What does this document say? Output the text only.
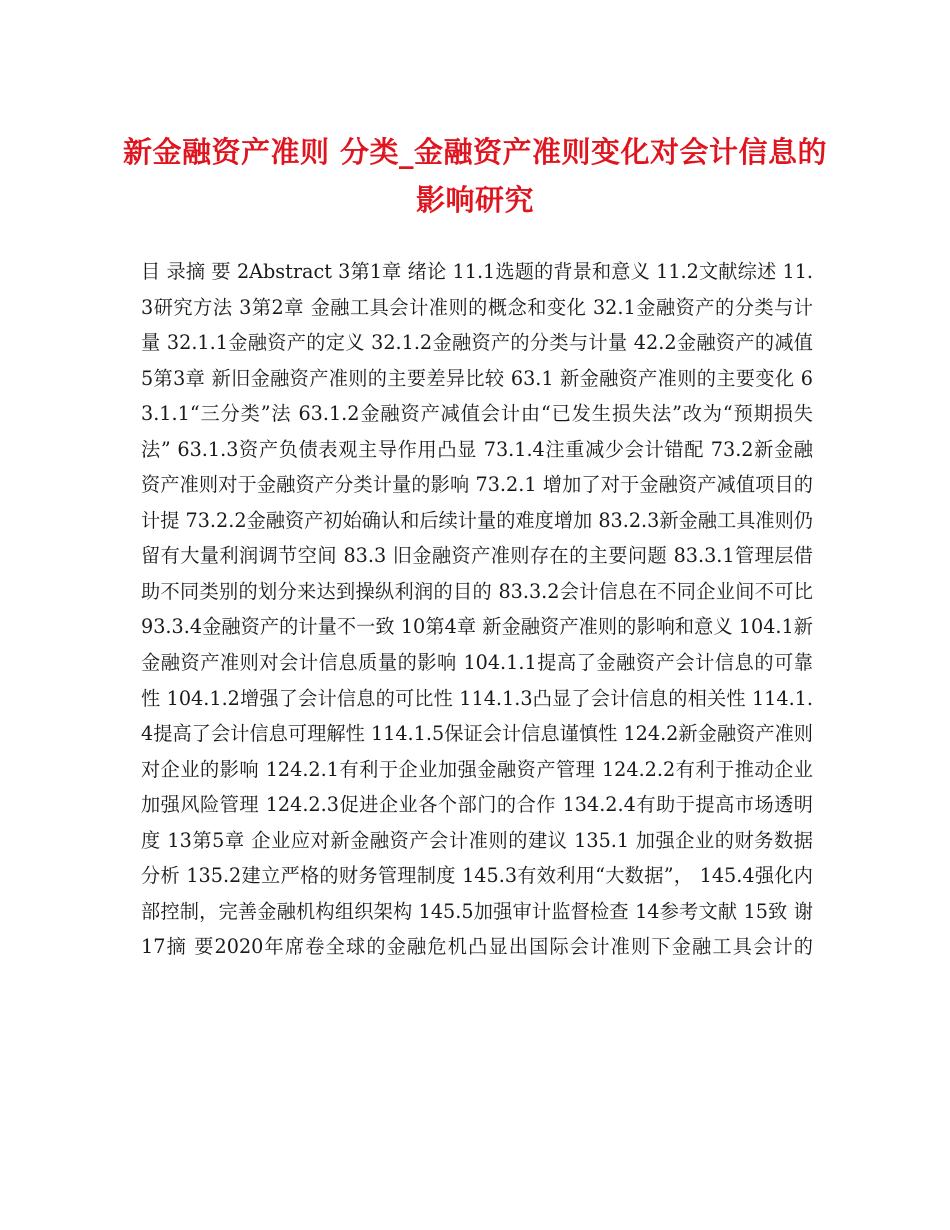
新金融资产准则 分类_金融资产准则变化对会计信息的影响研究

目 录摘 要 2Abstract 3第1章 绪论 11.1选题的背景和意义 11.2文献综述 11.3研究方法 3第2章 金融工具会计准则的概念和变化 32.1金融资产的分类与计量 32.1.1金融资产的定义 32.1.2金融资产的分类与计量 42.2金融资产的减值 5第3章 新旧金融资产准则的主要差异比较 63.1 新金融资产准则的主要变化 63.1.1“三分类”法 63.1.2金融资产减值会计由“已发生损失法”改为“预期损失法” 63.1.3资产负债表观主导作用凸显 73.1.4注重减少会计错配 73.2新金融资产准则对于金融资产分类计量的影响 73.2.1 增加了对于金融资产减值项目的计提 73.2.2金融资产初始确认和后续计量的难度增加 83.2.3新金融工具准则仍留有大量利润调节空间 83.3 旧金融资产准则存在的主要问题 83.3.1管理层借助不同类别的划分来达到操纵利润的目的 83.3.2会计信息在不同企业间不可比 93.3.4金融资产的计量不一致 10第4章 新金融资产准则的影响和意义 104.1新金融资产准则对会计信息质量的影响 104.1.1提高了金融资产会计信息的可靠性 104.1.2增强了会计信息的可比性 114.1.3凸显了会计信息的相关性 114.1.4提高了会计信息可理解性 114.1.5保证会计信息谨慎性 124.2新金融资产准则对企业的影响 124.2.1有利于企业加强金融资产管理 124.2.2有利于推动企业加强风险管理 124.2.3促进企业各个部门的合作 134.2.4有助于提高市场透明度 13第5章 企业应对新金融资产会计准则的建议 135.1 加强企业的财务数据分析 135.2建立严格的财务管理制度 145.3有效利用“大数据”， 145.4强化内部控制，完善金融机构组织架构 145.5加强审计监督检查 14参考文献 15致 谢 17摘 要2020年席卷全球的金融危机凸显出国际会计准则下金融工具会计的
